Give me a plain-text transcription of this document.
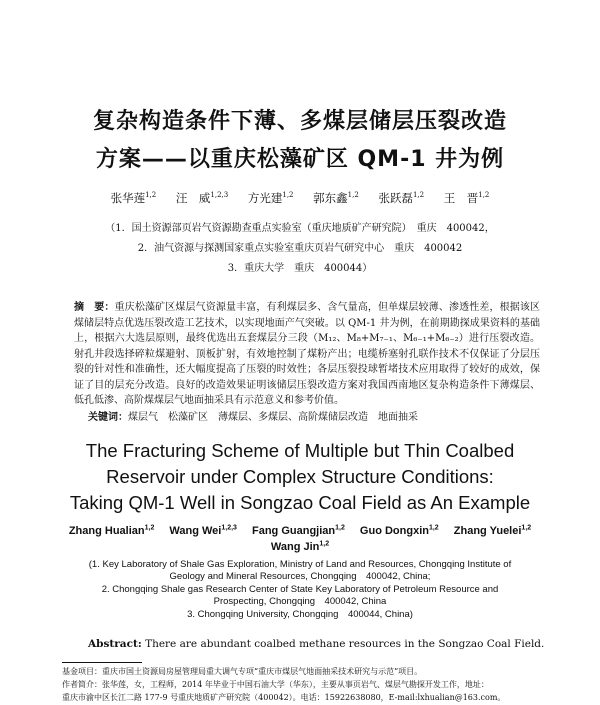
复杂构造条件下薄、多煤层储层压裂改造
方案——以重庆松藻矿区 QM-1 井为例
张华莲$^{1,2}$ 汪　威$^{1,2,3}$ 方光建$^{1,2}$ 郭东鑫$^{1,2}$ 张跃磊$^{1,2}$ 王　晋$^{1,2}$
（1．国土资源部页岩气资源勘查重点实验室（重庆地质矿产研究院）　重庆　400042，
2．油气资源与探测国家重点实验室重庆页岩气研究中心　重庆　400042
3．重庆大学　重庆　400044）
摘　要：重庆松藻矿区煤层气资源量丰富，有利煤层多、含气量高，但单煤层较薄、渗透性差，根据该区煤储层特点优选压裂改造工艺技术，以实现地面产气突破。以 QM-1 井为例，在前期勘探成果资料的基础上，根据六大选层原则，最终优选出五套煤层分三段（M₁₂、M₈+M₇₋₁、M₆₋₁+M₆₋₂）进行压裂改造。射孔井段选择碎粒煤避射、顶板扩射，有效地控制了煤粉产出；电缆桥塞射孔联作技术不仅保证了分层压裂的针对性和准确性，还大幅度提高了压裂的时效性；各层压裂投球暂堵技术应用取得了较好的成效，保证了目的层充分改造。良好的改造效果证明该储层压裂改造方案对我国西南地区复杂构造条件下薄煤层、低孔低渗、高阶煤煤层气地面抽采具有示范意义和参考价值。
关键词：煤层气　松藻矿区　薄煤层、多煤层、高阶煤储层改造　地面抽采
The Fracturing Scheme of Multiple but Thin Coalbed
Reservoir under Complex Structure Conditions:
Taking QM-1 Well in Songzao Coal Field as An Example
Zhang Hualian$^{1,2}$ Wang Wei$^{1,2,3}$ Fang Guangjian$^{1,2}$ Guo Dongxin$^{1,2}$ Zhang Yuelei$^{1,2}$
Wang Jin$^{1,2}$
(1. Key Laboratory of Shale Gas Exploration, Ministry of Land and Resources, Chongqing Institute of
Geology and Mineral Resources, Chongqing　400042, China;
2. Chongqing Shale gas Research Center of State Key Laboratory of Petroleum Resource and
Prospecting, Chongqing　400042, China
3. Chongqing University, Chongqing　400044, China)
Abstract: There are abundant coalbed methane resources in the Songzao Coal Field.
基金项目：重庆市国土资源局房屋管理局重大调气专项“重庆市煤层气地面抽采技术研究与示范”项目。
作者简介：张华莲，女，工程师，2014 年毕业于中国石油大学（华东），主要从事页岩气、煤层气勘探开发工作，地址：
重庆市渝中区长江二路 177-9 号重庆地质矿产研究院（400042）。电话：15922638080，E-mail:lxhualian@163.com。
